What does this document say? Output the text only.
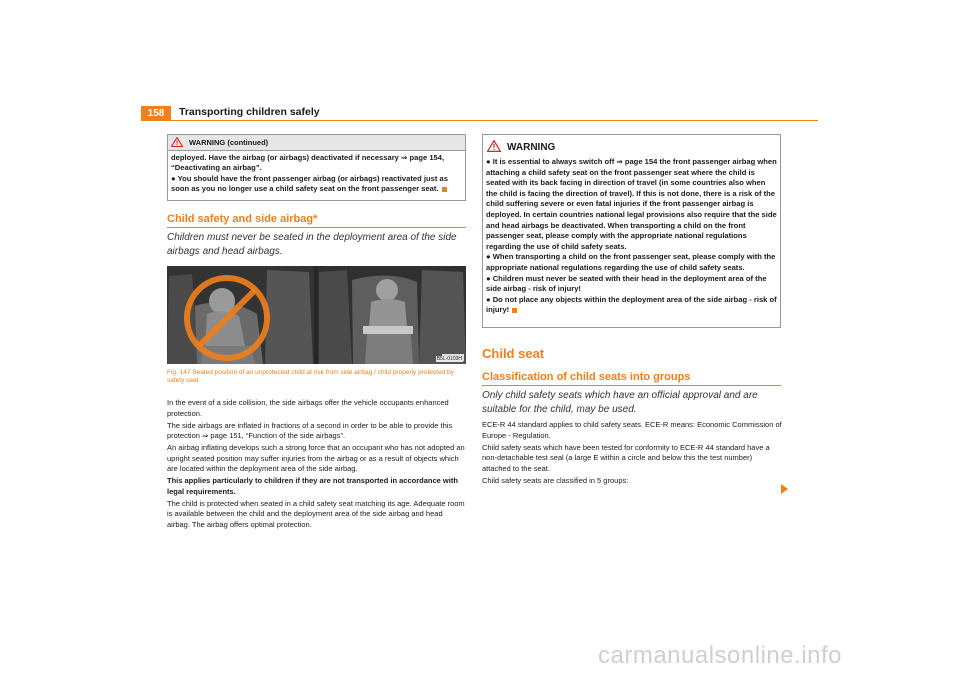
158	Transporting children safely
WARNING (continued)
deployed. Have the airbag (or airbags) deactivated if necessary ⇒ page 154, “Deactivating an airbag”.
● You should have the front passenger airbag (or airbags) reactivated just as soon as you no longer use a child safety seat on the front passenger seat.
Child safety and side airbag*
Children must never be seated in the deployment area of the side airbags and head airbags.
B5L-0103H
Fig. 147 Seated position of an unprotected child at risk from side airbag / child properly protected by safety seat

In the event of a side collision, the side airbags offer the vehicle occupants enhanced protection.

The side airbags are inflated in fractions of a second in order to be able to provide this protection ⇒ page 151, “Function of the side airbags”.

An airbag inflating develops such a strong force that an occupant who has not adopted an upright seated position may suffer injuries from the airbag or as a result of objects which are located within the deployment area of the side airbag.

This applies particularly to children if they are not transported in accordance with legal requirements.

The child is protected when seated in a child safety seat matching its age. Adequate room is available between the child and the deployment area of the side airbag and head airbag. The airbag offers optimal protection.

WARNING
● It is essential to always switch off ⇒ page 154 the front passenger airbag when attaching a child safety seat on the front passenger seat where the child is seated with its back facing in direction of travel (in some countries also when the child is facing the direction of travel). If this is not done, there is a risk of the child suffering severe or even fatal injuries if the front passenger airbag is deployed. In certain countries national legal provisions also require that the side and head airbags be deactivated. When transporting a child on the front passenger seat, please comply with the appropriate national regulations regarding the use of child safety seats.
● When transporting a child on the front passenger seat, please comply with the appropriate national regulations regarding the use of child safety seats.
● Children must never be seated with their head in the deployment area of the side airbag - risk of injury!
● Do not place any objects within the deployment area of the side airbag - risk of injury!
Child seat
Classification of child seats into groups
Only child safety seats which have an official approval and are suitable for the child, may be used.

ECE-R 44 standard applies to child safety seats. ECE-R means: Economic Commission of Europe - Regulation.

Child safety seats which have been tested for conformity to ECE-R 44 standard have a non-detachable test seal (a large E within a circle and below this the test number) attached to the seat.

Child safety seats are classified in 5 groups:

carmanualsonline.info
